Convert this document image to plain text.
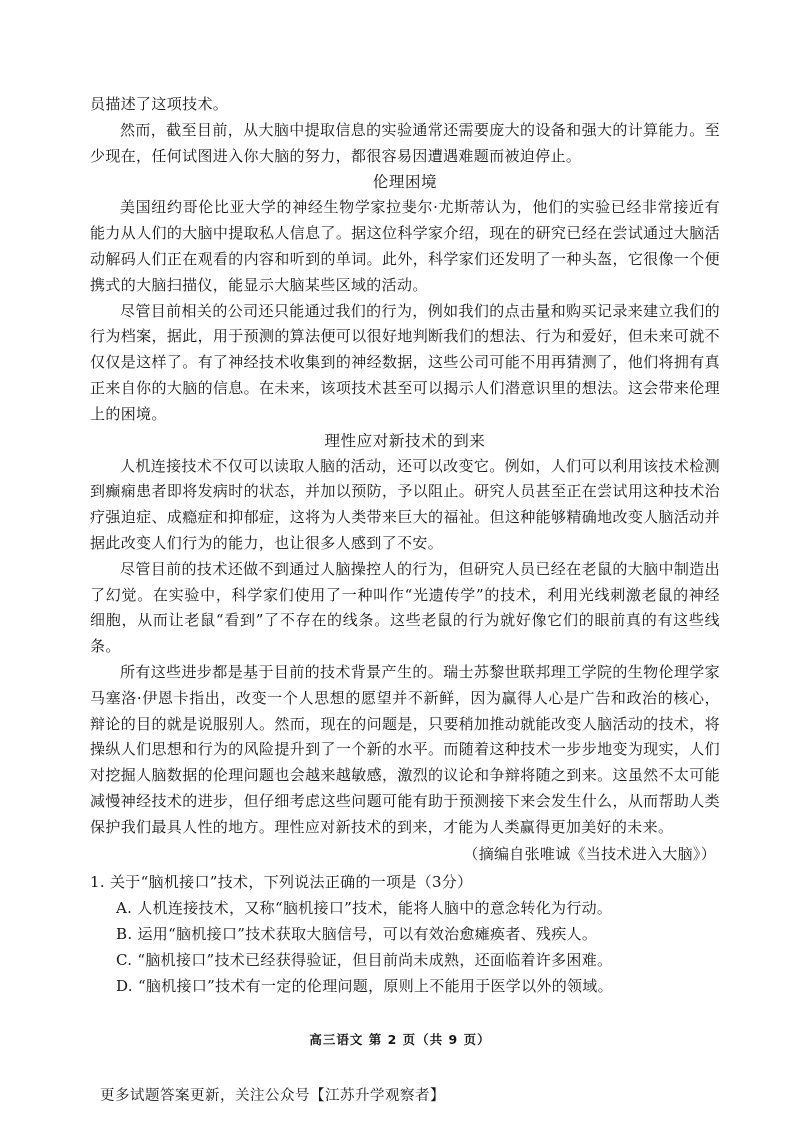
员描述了这项技术。

然而，截至目前，从大脑中提取信息的实验通常还需要庞大的设备和强大的计算能力。至少现在，任何试图进入你大脑的努力，都很容易因遭遇难题而被迫停止。

伦理困境

美国纽约哥伦比亚大学的神经生物学家拉斐尔·尤斯蒂认为，他们的实验已经非常接近有能力从人们的大脑中提取私人信息了。据这位科学家介绍，现在的研究已经在尝试通过大脑活动解码人们正在观看的内容和听到的单词。此外，科学家们还发明了一种头盔，它很像一个便携式的大脑扫描仪，能显示大脑某些区域的活动。

尽管目前相关的公司还只能通过我们的行为，例如我们的点击量和购买记录来建立我们的行为档案，据此，用于预测的算法便可以很好地判断我们的想法、行为和爱好，但未来可就不仅仅是这样了。有了神经技术收集到的神经数据，这些公司可能不用再猜测了，他们将拥有真正来自你的大脑的信息。在未来，该项技术甚至可以揭示人们潜意识里的想法。这会带来伦理上的困境。

理性应对新技术的到来

人机连接技术不仅可以读取人脑的活动，还可以改变它。例如，人们可以利用该技术检测到癫痫患者即将发病时的状态，并加以预防，予以阻止。研究人员甚至正在尝试用这种技术治疗强迫症、成瘾症和抑郁症，这将为人类带来巨大的福祉。但这种能够精确地改变人脑活动并据此改变人们行为的能力，也让很多人感到了不安。

尽管目前的技术还做不到通过人脑操控人的行为，但研究人员已经在老鼠的大脑中制造出了幻觉。在实验中，科学家们使用了一种叫作“光遗传学”的技术，利用光线刺激老鼠的神经细胞，从而让老鼠“看到”了不存在的线条。这些老鼠的行为就好像它们的眼前真的有这些线条。

所有这些进步都是基于目前的技术背景产生的。瑞士苏黎世联邦理工学院的生物伦理学家马塞洛·伊恩卡指出，改变一个人思想的愿望并不新鲜，因为赢得人心是广告和政治的核心，辩论的目的就是说服别人。然而，现在的问题是，只要稍加推动就能改变人脑活动的技术，将操纵人们思想和行为的风险提升到了一个新的水平。而随着这种技术一步步地变为现实，人们对挖掘人脑数据的伦理问题也会越来越敏感，激烈的议论和争辩将随之到来。这虽然不太可能减慢神经技术的进步，但仔细考虑这些问题可能有助于预测接下来会发生什么，从而帮助人类保护我们最具人性的地方。理性应对新技术的到来，才能为人类赢得更加美好的未来。

（摘编自张唯诚《当技术进入大脑》）
1. 关于“脑机接口”技术，下列说法正确的一项是（3分）
A. 人机连接技术，又称“脑机接口”技术，能将人脑中的意念转化为行动。
B. 运用“脑机接口”技术获取大脑信号，可以有效治愈瘫痪者、残疾人。
C. “脑机接口”技术已经获得验证，但目前尚未成熟，还面临着许多困难。
D. “脑机接口”技术有一定的伦理问题，原则上不能用于医学以外的领域。
高三语文 第 2 页（共 9 页）
更多试题答案更新，关注公众号【江苏升学观察者】
